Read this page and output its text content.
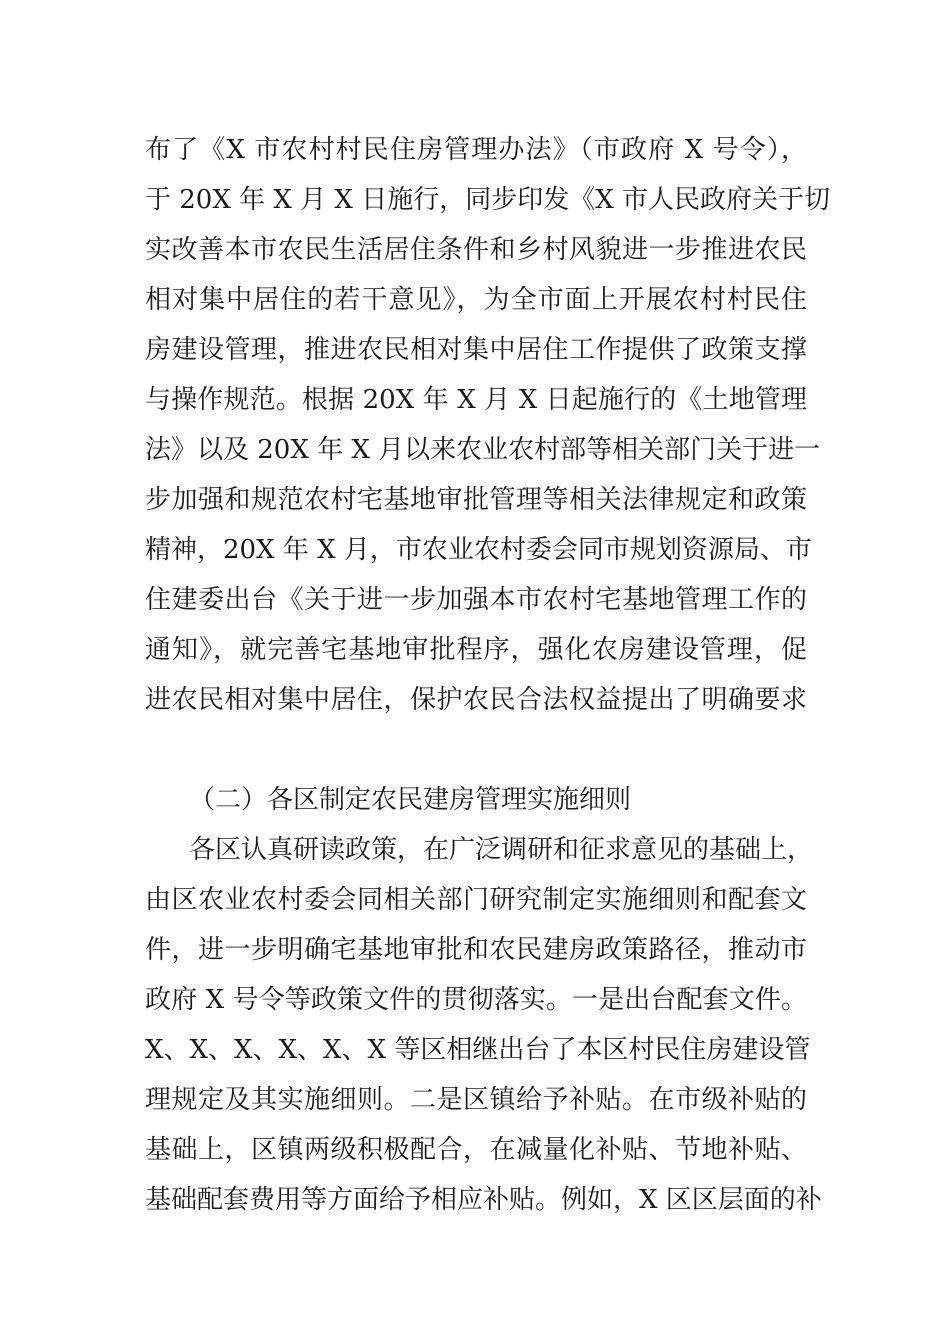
布了《X 市农村村民住房管理办法》（市政府 X 号令），
于 20X 年 X 月 X 日施行，同步印发《X 市人民政府关于切
实改善本市农民生活居住条件和乡村风貌进一步推进农民
相对集中居住的若干意见》，为全市面上开展农村村民住
房建设管理，推进农民相对集中居住工作提供了政策支撑
与操作规范。根据 20X 年 X 月 X 日起施行的《土地管理
法》以及 20X 年 X 月以来农业农村部等相关部门关于进一
步加强和规范农村宅基地审批管理等相关法律规定和政策
精神，20X 年 X 月，市农业农村委会同市规划资源局、市
住建委出台《关于进一步加强本市农村宅基地管理工作的
通知》，就完善宅基地审批程序，强化农房建设管理，促
进农民相对集中居住，保护农民合法权益提出了明确要求
（二）各区制定农民建房管理实施细则
各区认真研读政策，在广泛调研和征求意见的基础上，
由区农业农村委会同相关部门研究制定实施细则和配套文
件，进一步明确宅基地审批和农民建房政策路径，推动市
政府 X 号令等政策文件的贯彻落实。一是出台配套文件。
X、X、X、X、X、X 等区相继出台了本区村民住房建设管
理规定及其实施细则。二是区镇给予补贴。在市级补贴的
基础上，区镇两级积极配合，在减量化补贴、节地补贴、
基础配套费用等方面给予相应补贴。例如，X 区区层面的补
